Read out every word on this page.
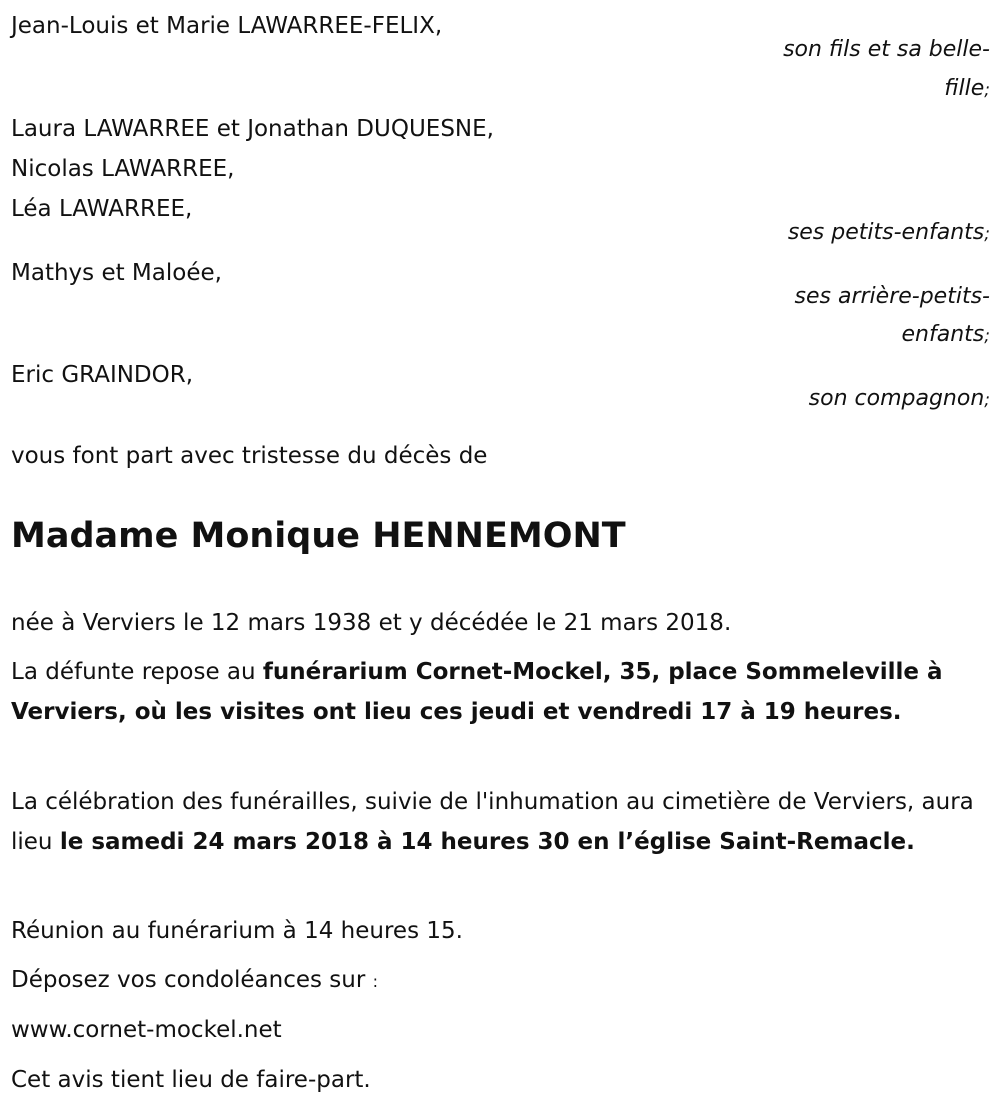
Jean-Louis et Marie LAWARREE-FELIX,
son fils et sa belle-
fille;
Laura LAWARREE et Jonathan DUQUESNE,
Nicolas LAWARREE,
Léa LAWARREE,
ses petits-enfants;
Mathys et Maloée,
ses arrière-petits-
enfants;
Eric GRAINDOR,
son compagnon;
vous font part avec tristesse du décès de
Madame Monique HENNEMONT
née à Verviers le 12 mars 1938 et y décédée le 21 mars 2018.
La défunte repose au funérarium Cornet-Mockel, 35, place Sommeleville à Verviers, où les visites ont lieu ces jeudi et vendredi 17 à 19 heures.
La célébration des funérailles, suivie de l'inhumation au cimetière de Verviers, aura lieu le samedi 24 mars 2018 à 14 heures 30 en l’église Saint-Remacle.
Réunion au funérarium à 14 heures 15.
Déposez vos condoléances sur :
www.cornet-mockel.net
Cet avis tient lieu de faire-part.
